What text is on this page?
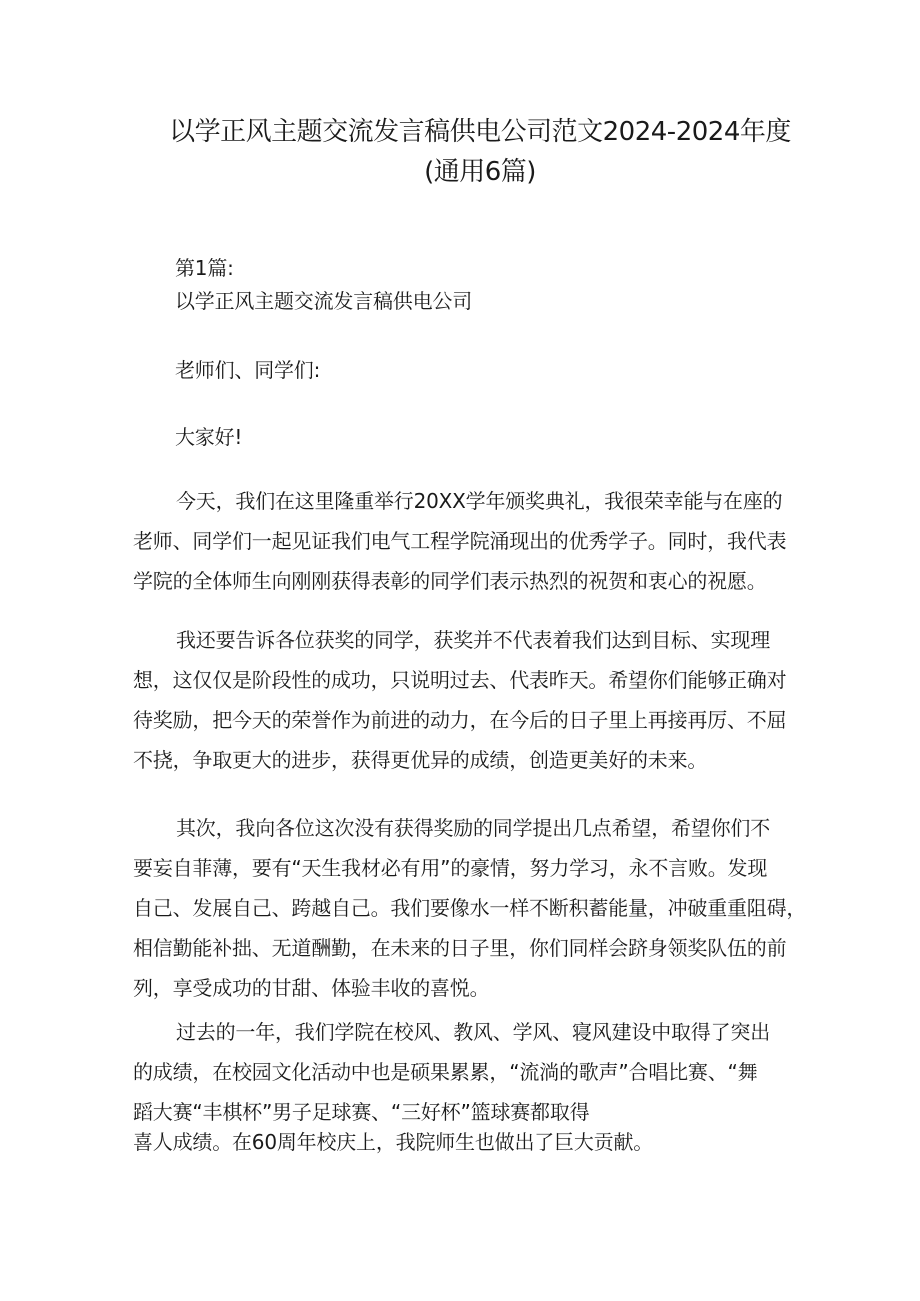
以学正风主题交流发言稿供电公司范文2024-2024年度
(通用6篇)

第1篇:

以学正风主题交流发言稿供电公司

老师们、同学们:

大家好!

今天，我们在这里隆重举行20XX学年颁奖典礼，我很荣幸能与在座的
老师、同学们一起见证我们电气工程学院涌现出的优秀学子。同时，我代表
学院的全体师生向刚刚获得表彰的同学们表示热烈的祝贺和衷心的祝愿。
我还要告诉各位获奖的同学，获奖并不代表着我们达到目标、实现理
想，这仅仅是阶段性的成功，只说明过去、代表昨天。希望你们能够正确对
待奖励，把今天的荣誉作为前进的动力，在今后的日子里上再接再厉、不屈
不挠，争取更大的进步，获得更优异的成绩，创造更美好的未来。
其次，我向各位这次没有获得奖励的同学提出几点希望，希望你们不
要妄自菲薄，要有“天生我材必有用”的豪情，努力学习，永不言败。发现
自己、发展自己、跨越自己。我们要像水一样不断积蓄能量，冲破重重阻碍，
相信勤能补拙、无道酬勤，在未来的日子里，你们同样会跻身领奖队伍的前
列，享受成功的甘甜、体验丰收的喜悦。
过去的一年，我们学院在校风、教风、学风、寝风建设中取得了突出
的成绩，在校园文化活动中也是硕果累累，“流淌的歌声”合唱比赛、“舞
蹈大赛“丰棋杯”男子足球赛、“三好杯”篮球赛都取得
喜人成绩。在60周年校庆上，我院师生也做出了巨大贡献。
